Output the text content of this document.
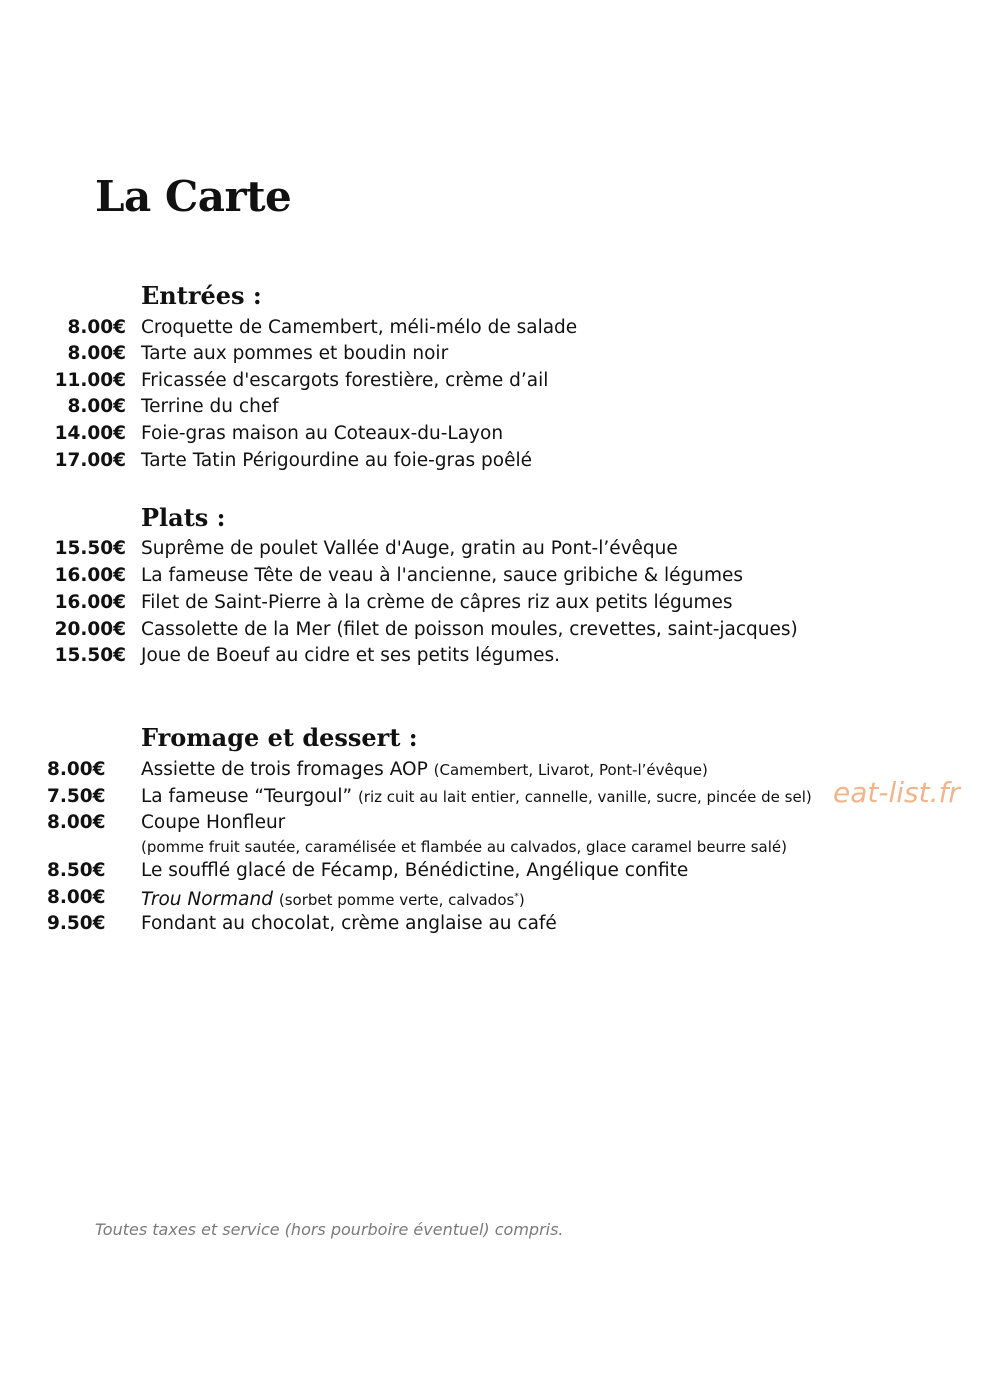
La Carte
Entrées :
8.00€ Croquette de Camembert, méli-mélo de salade
8.00€ Tarte aux pommes et boudin noir
11.00€ Fricassée d'escargots forestière, crème d’ail
8.00€ Terrine du chef
14.00€ Foie-gras maison au Coteaux-du-Layon
17.00€ Tarte Tatin Périgourdine au foie-gras poêlé
Plats :
15.50€ Suprême de poulet Vallée d'Auge, gratin au Pont-l’évêque
16.00€ La fameuse Tête de veau à l'ancienne, sauce gribiche & légumes
16.00€ Filet de Saint-Pierre à la crème de câpres riz aux petits légumes
20.00€ Cassolette de la Mer (filet de poisson moules, crevettes, saint-jacques)
15.50€ Joue de Boeuf au cidre et ses petits légumes.
Fromage et dessert :
8.00€ Assiette de trois fromages AOP (Camembert, Livarot, Pont-l’évêque)
7.50€ La fameuse “Teurgoul” (riz cuit au lait entier, cannelle, vanille, sucre, pincée de sel)
8.00€ Coupe Honfleur
(pomme fruit sautée, caramélisée et flambée au calvados, glace caramel beurre salé)
8.50€ Le soufflé glacé de Fécamp, Bénédictine, Angélique confite
8.00€ Trou Normand (sorbet pomme verte, calvados*)
9.50€ Fondant au chocolat, crème anglaise au café
eat-list.fr
Toutes taxes et service (hors pourboire éventuel) compris.
